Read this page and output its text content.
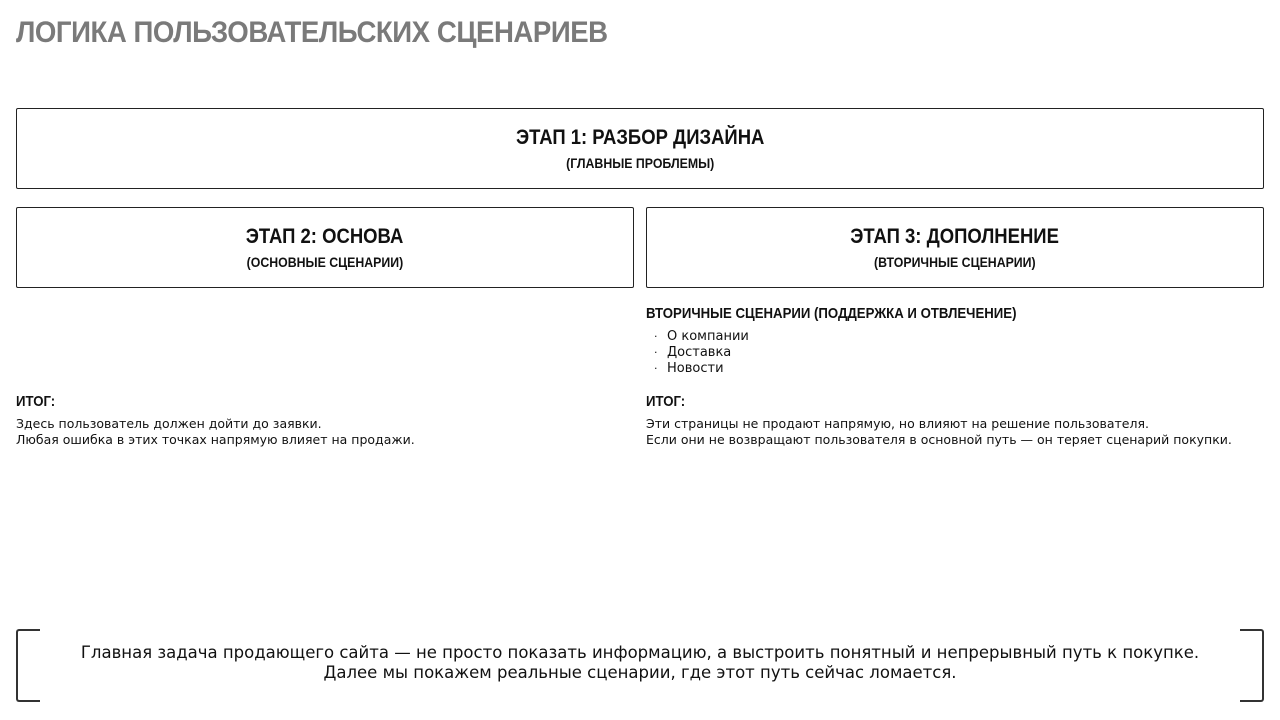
ЛОГИКА ПОЛЬЗОВАТЕЛЬСКИХ СЦЕНАРИЕВ
ЭТАП 1: РАЗБОР ДИЗАЙНА
(ГЛАВНЫЕ ПРОБЛЕМЫ)
ЭТАП 2: ОСНОВА
(ОСНОВНЫЕ СЦЕНАРИИ)
ЭТАП 3: ДОПОЛНЕНИЕ
(ВТОРИЧНЫЕ СЦЕНАРИИ)
ВТОРИЧНЫЕ СЦЕНАРИИ (ПОДДЕРЖКА И ОТВЛЕЧЕНИЕ)
· О компании
· Доставка
· Новости
ИТОГ:
Здесь пользователь должен дойти до заявки.
Любая ошибка в этих точках напрямую влияет на продажи.
ИТОГ:
Эти страницы не продают напрямую, но влияют на решение пользователя.
Если они не возвращают пользователя в основной путь — он теряет сценарий покупки.
Главная задача продающего сайта — не просто показать информацию, а выстроить понятный и непрерывный путь к покупке.
Далее мы покажем реальные сценарии, где этот путь сейчас ломается.
